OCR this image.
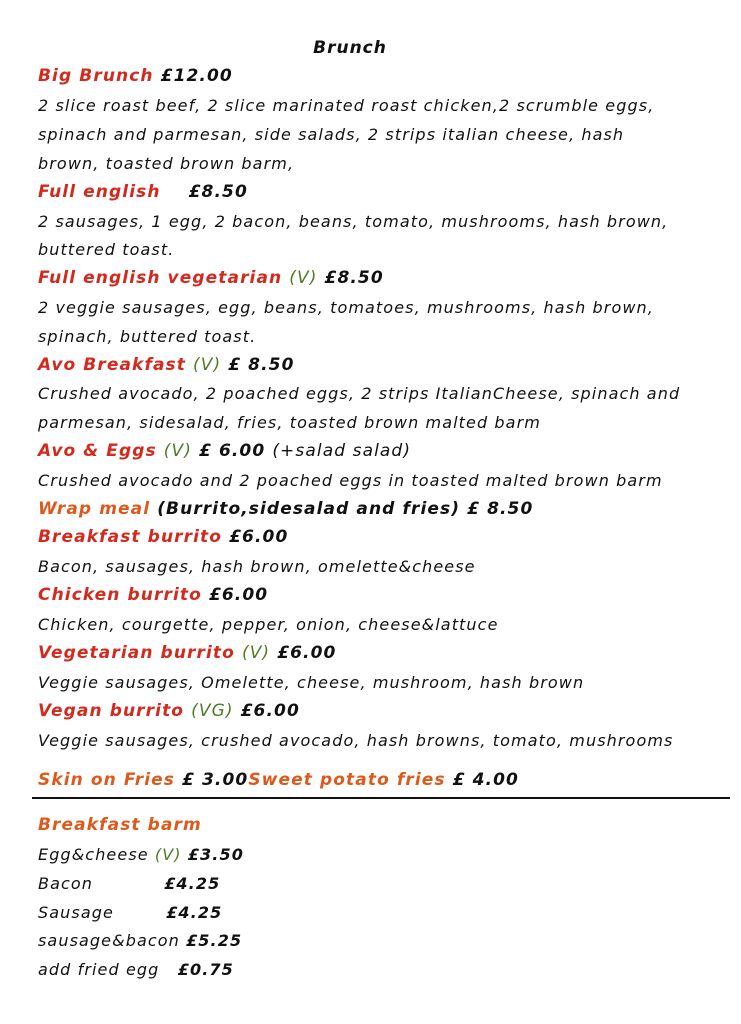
Brunch
Big Brunch £12.00
2 slice roast beef, 2 slice marinated roast chicken,2 scrumble eggs,
spinach and parmesan, side salads, 2 strips italian cheese, hash
brown, toasted brown barm,
Full english £8.50
2 sausages, 1 egg, 2 bacon, beans, tomato, mushrooms, hash brown,
buttered toast.
Full english vegetarian (V) £8.50
2 veggie sausages, egg, beans, tomatoes, mushrooms, hash brown,
spinach, buttered toast.
Avo Breakfast (V) £ 8.50
Crushed avocado, 2 poached eggs, 2 strips ItalianCheese, spinach and
parmesan, sidesalad, fries, toasted brown malted barm
Avo & Eggs (V) £ 6.00 (+salad salad)
Crushed avocado and 2 poached eggs in toasted malted brown barm
Wrap meal (Burrito,sidesalad and fries) £ 8.50
Breakfast burrito £6.00
Bacon, sausages, hash brown, omelette&cheese
Chicken burrito £6.00
Chicken, courgette, pepper, onion, cheese&lattuce
Vegetarian burrito (V) £6.00
Veggie sausages, Omelette, cheese, mushroom, hash brown
Vegan burrito (VG) £6.00
Veggie sausages, crushed avocado, hash browns, tomato, mushrooms
Skin on Fries £ 3.00Sweet potato fries £ 4.00
Breakfast barm
Egg&cheese (V) £3.50
Bacon	£4.25
Sausage	£4.25
sausage&bacon £5.25
add fried egg £0.75
